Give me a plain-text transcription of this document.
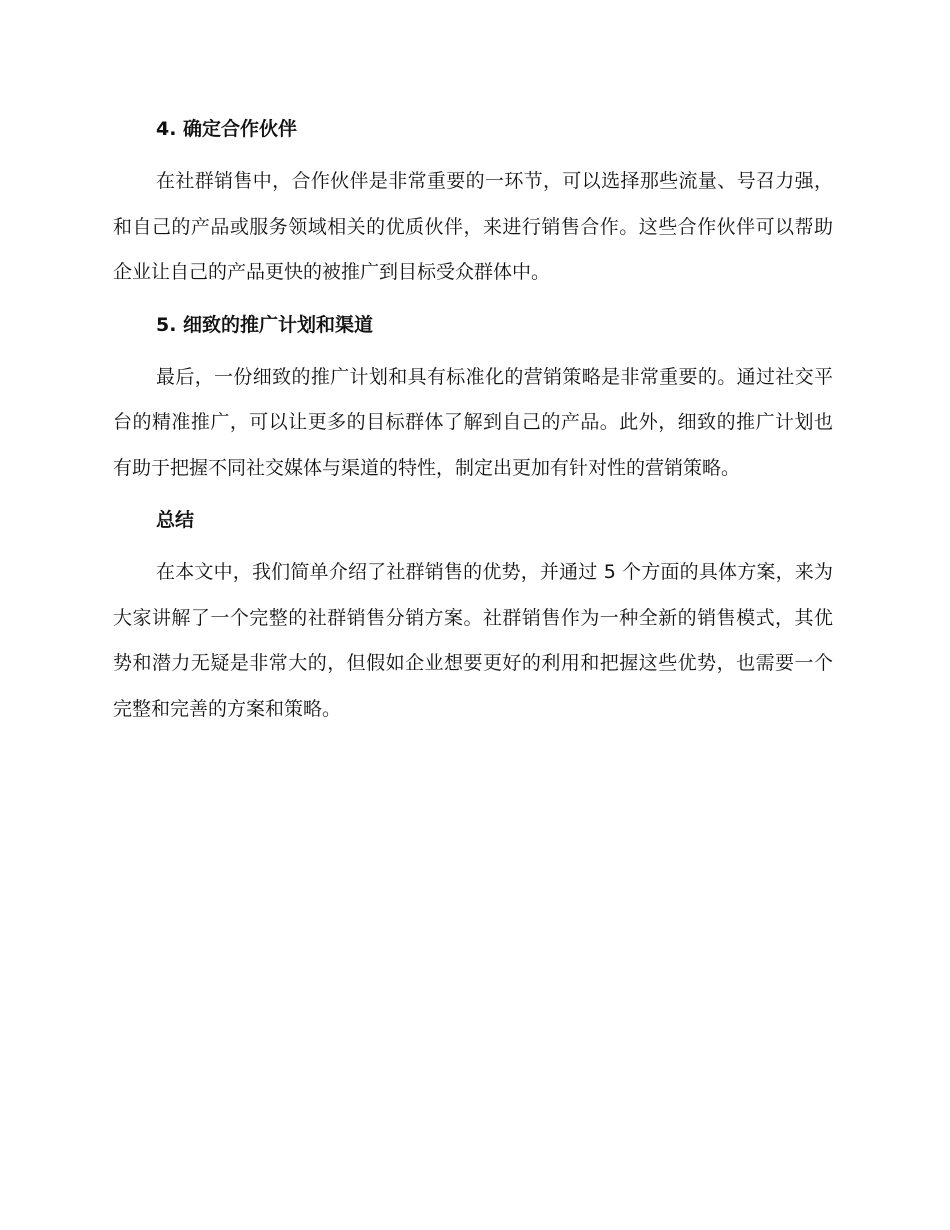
4. 确定合作伙伴

在社群销售中，合作伙伴是非常重要的一环节，可以选择那些流量、号召力强，和自己的产品或服务领域相关的优质伙伴，来进行销售合作。这些合作伙伴可以帮助企业让自己的产品更快的被推广到目标受众群体中。

5. 细致的推广计划和渠道

最后，一份细致的推广计划和具有标准化的营销策略是非常重要的。通过社交平台的精准推广，可以让更多的目标群体了解到自己的产品。此外，细致的推广计划也有助于把握不同社交媒体与渠道的特性，制定出更加有针对性的营销策略。

总结

在本文中，我们简单介绍了社群销售的优势，并通过 5 个方面的具体方案，来为大家讲解了一个完整的社群销售分销方案。社群销售作为一种全新的销售模式，其优势和潜力无疑是非常大的，但假如企业想要更好的利用和把握这些优势，也需要一个完整和完善的方案和策略。
